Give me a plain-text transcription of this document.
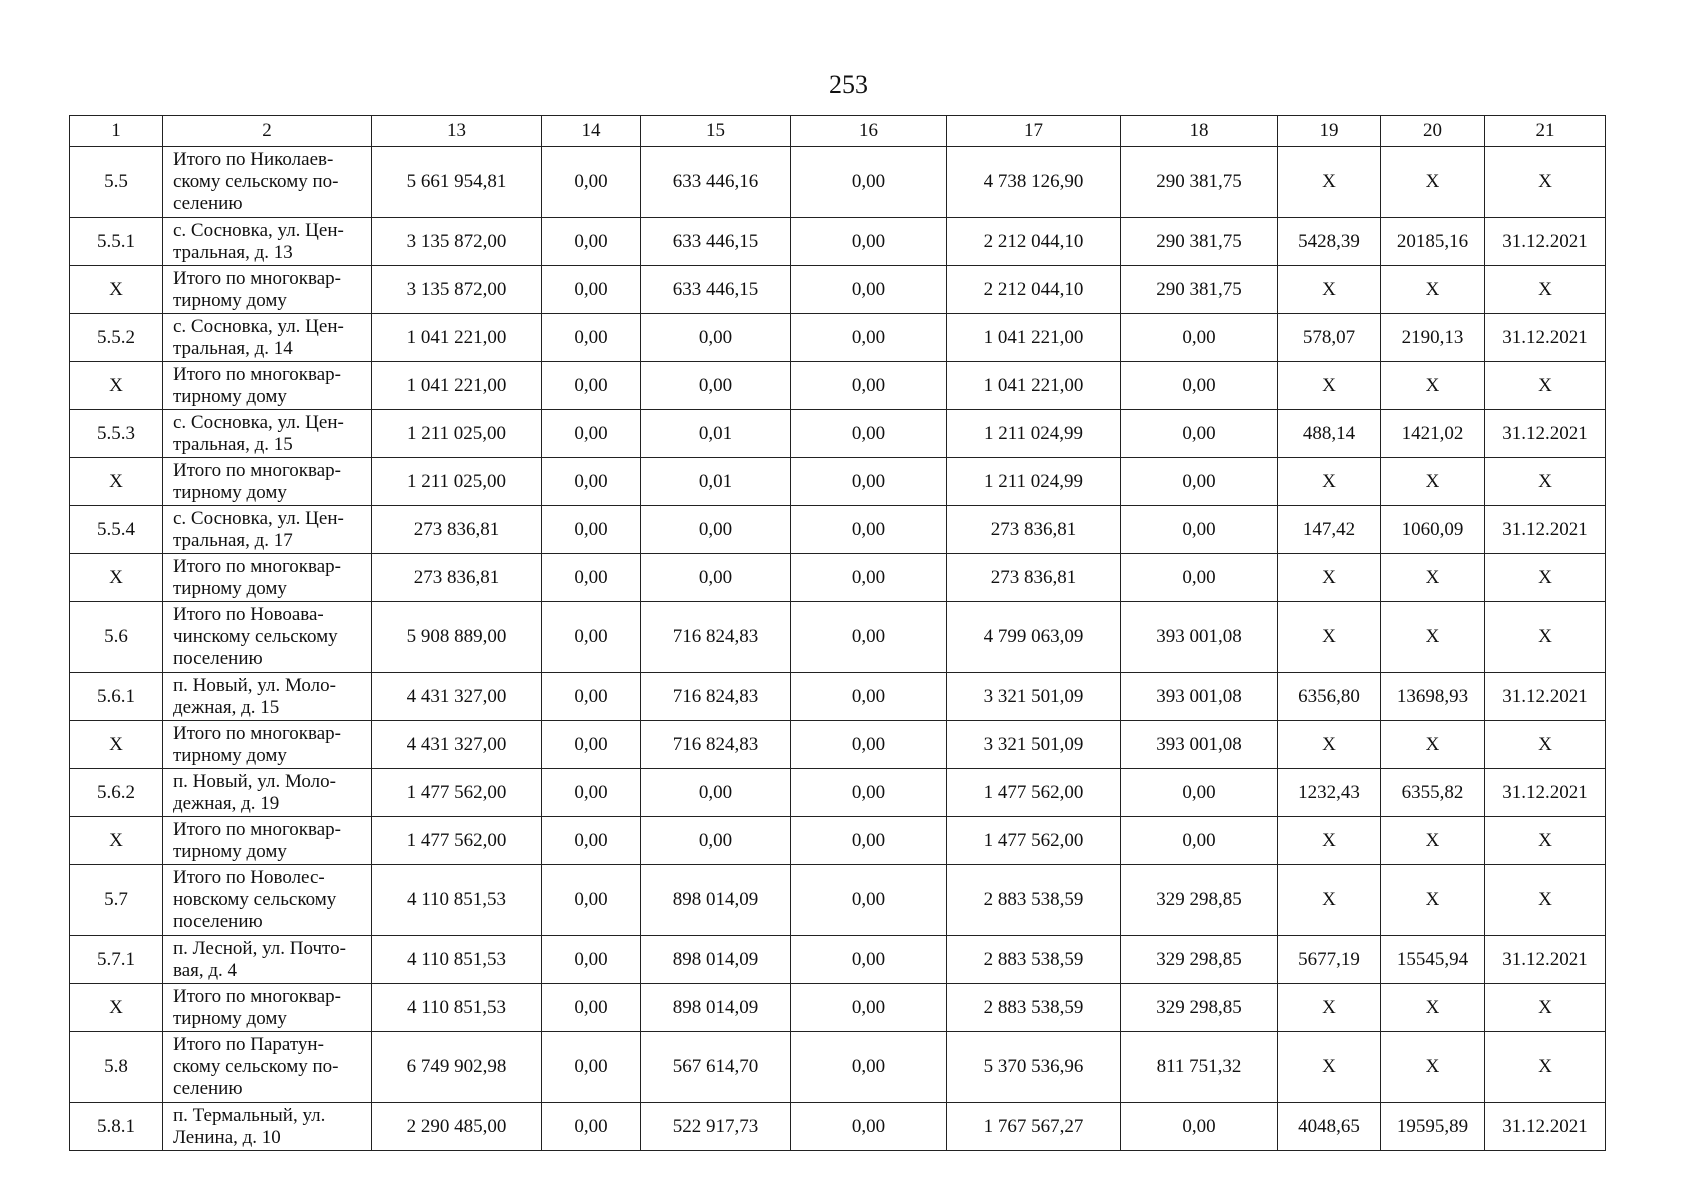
253
1	2	13	14	15	16	17	18	19	20	21
5.5	Итого по Николаев-
скому сельскому по-
селению	5 661 954,81	0,00	633 446,16	0,00	4 738 126,90	290 381,75	X	X	X
5.5.1	с. Сосновка, ул. Цен-
тральная, д. 13	3 135 872,00	0,00	633 446,15	0,00	2 212 044,10	290 381,75	5428,39	20185,16	31.12.2021
X	Итого по многоквар-
тирному дому	3 135 872,00	0,00	633 446,15	0,00	2 212 044,10	290 381,75	X	X	X
5.5.2	с. Сосновка, ул. Цен-
тральная, д. 14	1 041 221,00	0,00	0,00	0,00	1 041 221,00	0,00	578,07	2190,13	31.12.2021
X	Итого по многоквар-
тирному дому	1 041 221,00	0,00	0,00	0,00	1 041 221,00	0,00	X	X	X
5.5.3	с. Сосновка, ул. Цен-
тральная, д. 15	1 211 025,00	0,00	0,01	0,00	1 211 024,99	0,00	488,14	1421,02	31.12.2021
X	Итого по многоквар-
тирному дому	1 211 025,00	0,00	0,01	0,00	1 211 024,99	0,00	X	X	X
5.5.4	с. Сосновка, ул. Цен-
тральная, д. 17	273 836,81	0,00	0,00	0,00	273 836,81	0,00	147,42	1060,09	31.12.2021
X	Итого по многоквар-
тирному дому	273 836,81	0,00	0,00	0,00	273 836,81	0,00	X	X	X
5.6	Итого по Новоава-
чинскому сельскому
поселению	5 908 889,00	0,00	716 824,83	0,00	4 799 063,09	393 001,08	X	X	X
5.6.1	п. Новый, ул. Моло-
дежная, д. 15	4 431 327,00	0,00	716 824,83	0,00	3 321 501,09	393 001,08	6356,80	13698,93	31.12.2021
X	Итого по многоквар-
тирному дому	4 431 327,00	0,00	716 824,83	0,00	3 321 501,09	393 001,08	X	X	X
5.6.2	п. Новый, ул. Моло-
дежная, д. 19	1 477 562,00	0,00	0,00	0,00	1 477 562,00	0,00	1232,43	6355,82	31.12.2021
X	Итого по многоквар-
тирному дому	1 477 562,00	0,00	0,00	0,00	1 477 562,00	0,00	X	X	X
5.7	Итого по Новолес-
новскому сельскому
поселению	4 110 851,53	0,00	898 014,09	0,00	2 883 538,59	329 298,85	X	X	X
5.7.1	п. Лесной, ул. Почто-
вая, д. 4	4 110 851,53	0,00	898 014,09	0,00	2 883 538,59	329 298,85	5677,19	15545,94	31.12.2021
X	Итого по многоквар-
тирному дому	4 110 851,53	0,00	898 014,09	0,00	2 883 538,59	329 298,85	X	X	X
5.8	Итого по Паратун-
скому сельскому по-
селению	6 749 902,98	0,00	567 614,70	0,00	5 370 536,96	811 751,32	X	X	X
5.8.1	п. Термальный, ул.
Ленина, д. 10	2 290 485,00	0,00	522 917,73	0,00	1 767 567,27	0,00	4048,65	19595,89	31.12.2021
